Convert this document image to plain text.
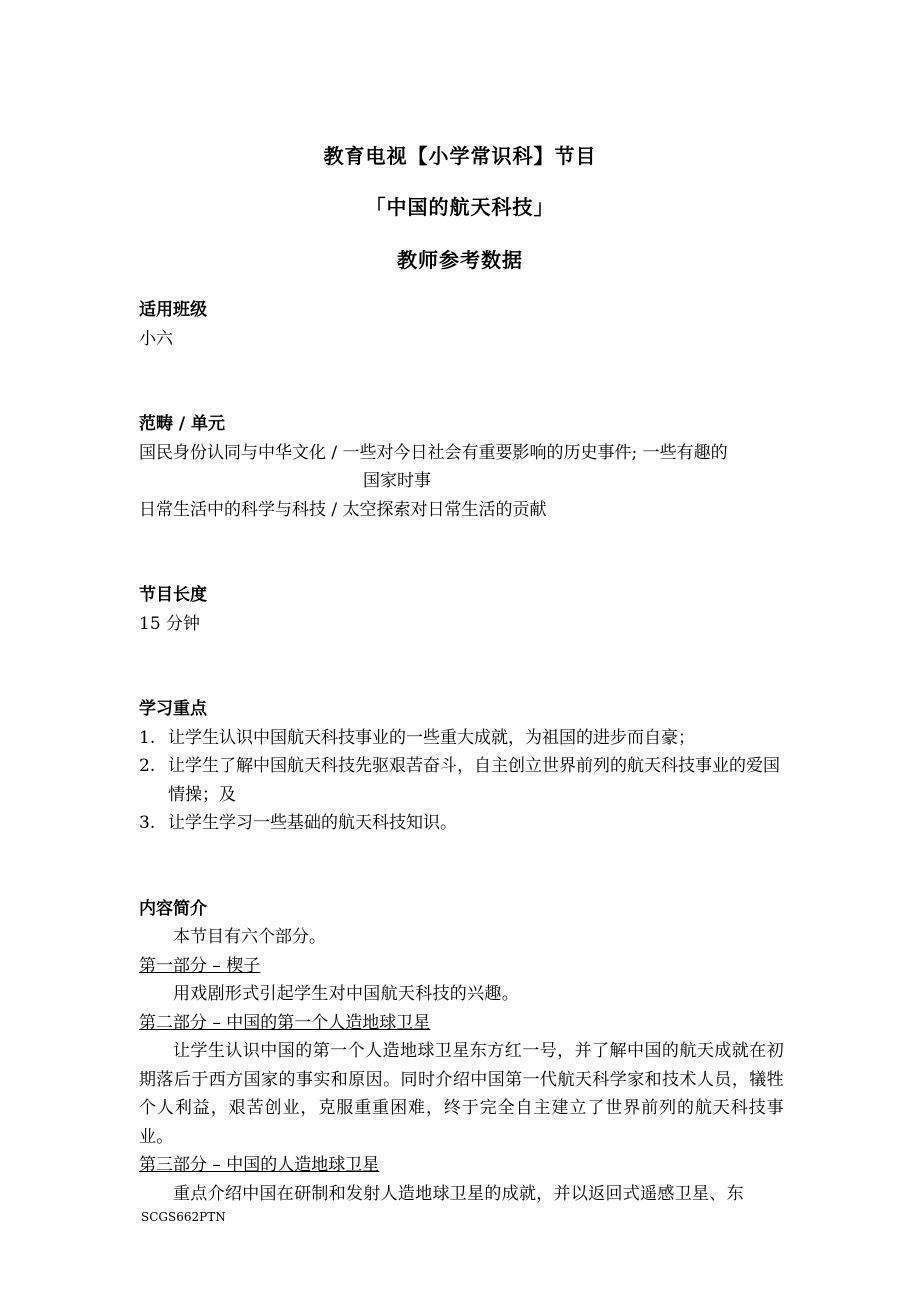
教育电视【小学常识科】节目
「中国的航天科技」
教师参考数据
适用班级
小六
范畴 / 单元
国民身份认同与中华文化 / 一些对今日社会有重要影响的历史事件; 一些有趣的
国家时事
日常生活中的科学与科技 / 太空探索对日常生活的贡献
节目长度
15 分钟
学习重点
1. 让学生认识中国航天科技事业的一些重大成就，为祖国的进步而自豪；
2. 让学生了解中国航天科技先驱艰苦奋斗，自主创立世界前列的航天科技事业的爱国情操；及
3. 让学生学习一些基础的航天科技知识。
内容简介
本节目有六个部分。
第一部分 – 楔子
用戏剧形式引起学生对中国航天科技的兴趣。
第二部分 – 中国的第一个人造地球卫星
让学生认识中国的第一个人造地球卫星东方红一号，并了解中国的航天成就在初期落后于西方国家的事实和原因。同时介绍中国第一代航天科学家和技术人员，犠牲个人利益，艰苦创业，克服重重困难，终于完全自主建立了世界前列的航天科技事业。
第三部分 – 中国的人造地球卫星
重点介绍中国在研制和发射人造地球卫星的成就，并以返回式遥感卫星、东
SCGS662PTN
